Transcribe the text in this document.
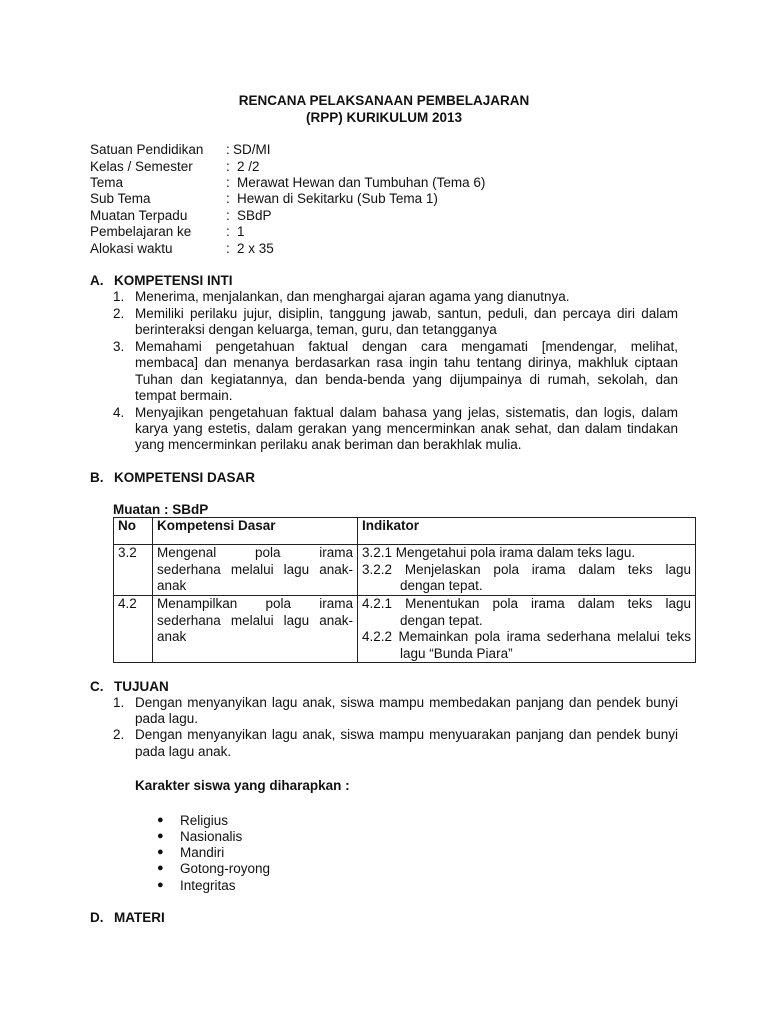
RENCANA PELAKSANAAN PEMBELAJARAN
(RPP) KURIKULUM 2013
Satuan Pendidikan : SD/MI
Kelas / Semester : 2 /2
Tema	: Merawat Hewan dan Tumbuhan (Tema 6)
Sub Tema	: Hewan di Sekitarku (Sub Tema 1)
Muatan Terpadu	: SBdP
Pembelajaran ke	: 1
Alokasi waktu	: 2 x 35
A. KOMPETENSI INTI
1. Menerima, menjalankan, dan menghargai ajaran agama yang dianutnya.
2. Memiliki perilaku jujur, disiplin, tanggung jawab, santun, peduli, dan percaya diri dalam
berinteraksi dengan keluarga, teman, guru, dan tetangganya
3. Memahami pengetahuan faktual dengan cara mengamati [mendengar, melihat,
membaca] dan menanya berdasarkan rasa ingin tahu tentang dirinya, makhluk ciptaan
Tuhan dan kegiatannya, dan benda-benda yang dijumpainya di rumah, sekolah, dan
tempat bermain.
4. Menyajikan pengetahuan faktual dalam bahasa yang jelas, sistematis, dan logis, dalam
karya yang estetis, dalam gerakan yang mencerminkan anak sehat, dan dalam tindakan
yang mencerminkan perilaku anak beriman dan berakhlak mulia.
B. KOMPETENSI DASAR
Muatan : SBdP
No	Kompetensi Dasar	Indikator
3.2	Mengenal pola irama
sederhana melalui lagu anak-
anak	3.2.1 Mengetahui pola irama dalam teks lagu.
3.2.2 Menjelaskan pola irama dalam teks lagu
dengan tepat.

4.2	Menampilkan pola irama
sederhana melalui lagu anak-
anak	4.2.1 Menentukan pola irama dalam teks lagu
dengan tepat.
4.2.2 Memainkan pola irama sederhana melalui teks
lagu “Bunda Piara”
C. TUJUAN
1. Dengan menyanyikan lagu anak, siswa mampu membedakan panjang dan pendek bunyi
pada lagu.
2. Dengan menyanyikan lagu anak, siswa mampu menyuarakan panjang dan pendek bunyi
pada lagu anak.
Karakter siswa yang diharapkan :
● Religius
● Nasionalis
● Mandiri
● Gotong-royong
● Integritas
D. MATERI
